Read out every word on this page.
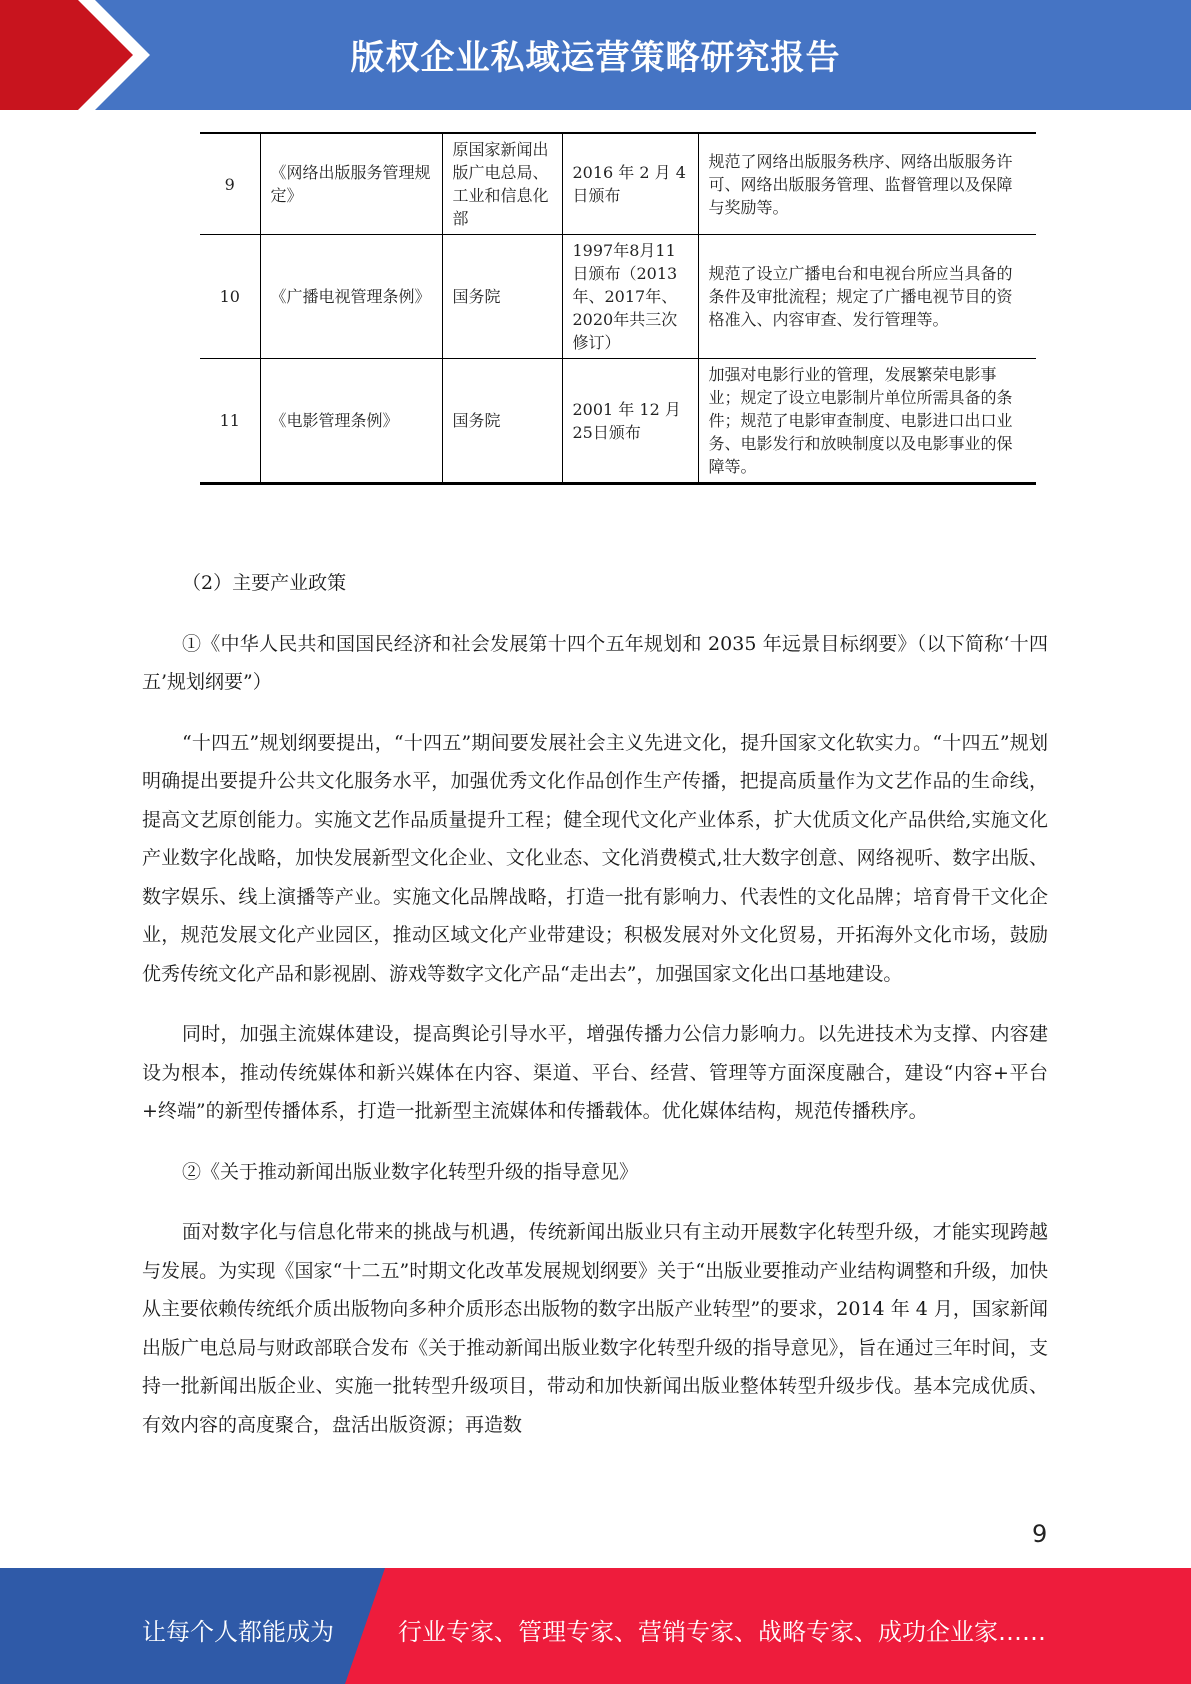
版权企业私域运营策略研究报告
9	《网络出版服务管理规定》	原国家新闻出版广电总局、工业和信息化部	2016 年 2 月 4 日颁布	规范了网络出版服务秩序、网络出版服务许可、网络出版服务管理、监督管理以及保障与奖励等。
10	《广播电视管理条例》	国务院	1997年8月11日颁布（2013年、2017年、2020年共三次修订）	规范了设立广播电台和电视台所应当具备的条件及审批流程；规定了广播电视节目的资格准入、内容审查、发行管理等。
11	《电影管理条例》	国务院	2001 年 12 月 25日颁布	加强对电影行业的管理，发展繁荣电影事业；规定了设立电影制片单位所需具备的条件；规范了电影审查制度、电影进口出口业务、电影发行和放映制度以及电影事业的保障等。

（2）主要产业政策

①《中华人民共和国国民经济和社会发展第十四个五年规划和 2035 年远景目标纲要》（以下简称‘十四五’规划纲要”）

“十四五”规划纲要提出，“十四五”期间要发展社会主义先进文化，提升国家文化软实力。“十四五”规划明确提出要提升公共文化服务水平，加强优秀文化作品创作生产传播，把提高质量作为文艺作品的生命线，提高文艺原创能力。实施文艺作品质量提升工程；健全现代文化产业体系，扩大优质文化产品供给,实施文化产业数字化战略，加快发展新型文化企业、文化业态、文化消费模式,壮大数字创意、网络视听、数字出版、数字娱乐、线上演播等产业。实施文化品牌战略，打造一批有影响力、代表性的文化品牌；培育骨干文化企业，规范发展文化产业园区，推动区域文化产业带建设；积极发展对外文化贸易，开拓海外文化市场，鼓励优秀传统文化产品和影视剧、游戏等数字文化产品“走出去”，加强国家文化出口基地建设。

同时，加强主流媒体建设，提高舆论引导水平，增强传播力公信力影响力。以先进技术为支撑、内容建设为根本，推动传统媒体和新兴媒体在内容、渠道、平台、经营、管理等方面深度融合，建设“内容+平台+终端”的新型传播体系，打造一批新型主流媒体和传播载体。优化媒体结构，规范传播秩序。

②《关于推动新闻出版业数字化转型升级的指导意见》

面对数字化与信息化带来的挑战与机遇，传统新闻出版业只有主动开展数字化转型升级，才能实现跨越与发展。为实现《国家“十二五”时期文化改革发展规划纲要》关于“出版业要推动产业结构调整和升级，加快从主要依赖传统纸介质出版物向多种介质形态出版物的数字出版产业转型”的要求，2014 年 4 月，国家新闻出版广电总局与财政部联合发布《关于推动新闻出版业数字化转型升级的指导意见》，旨在通过三年时间，支持一批新闻出版企业、实施一批转型升级项目，带动和加快新闻出版业整体转型升级步伐。基本完成优质、有效内容的高度聚合，盘活出版资源；再造数

9
让每个人都能成为	行业专家、管理专家、营销专家、战略专家、成功企业家……
